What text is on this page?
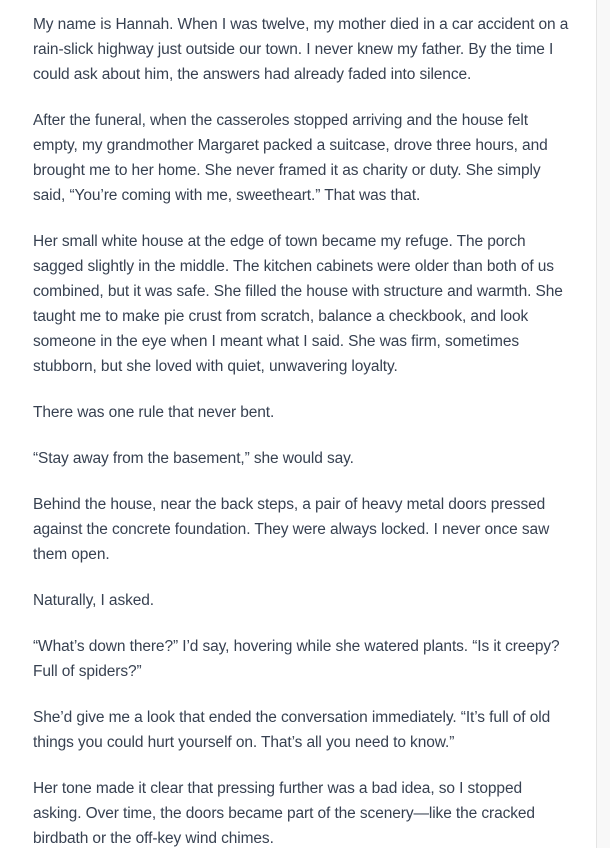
My name is Hannah. When I was twelve, my mother died in a car accident on a rain-slick highway just outside our town. I never knew my father. By the time I could ask about him, the answers had already faded into silence.

After the funeral, when the casseroles stopped arriving and the house felt empty, my grandmother Margaret packed a suitcase, drove three hours, and brought me to her home. She never framed it as charity or duty. She simply said, “You’re coming with me, sweetheart.” That was that.

Her small white house at the edge of town became my refuge. The porch sagged slightly in the middle. The kitchen cabinets were older than both of us combined, but it was safe. She filled the house with structure and warmth. She taught me to make pie crust from scratch, balance a checkbook, and look someone in the eye when I meant what I said. She was firm, sometimes stubborn, but she loved with quiet, unwavering loyalty.

There was one rule that never bent.

“Stay away from the basement,” she would say.

Behind the house, near the back steps, a pair of heavy metal doors pressed against the concrete foundation. They were always locked. I never once saw them open.

Naturally, I asked.

“What’s down there?” I’d say, hovering while she watered plants. “Is it creepy? Full of spiders?”

She’d give me a look that ended the conversation immediately. “It’s full of old things you could hurt yourself on. That’s all you need to know.”

Her tone made it clear that pressing further was a bad idea, so I stopped asking. Over time, the doors became part of the scenery—like the cracked birdbath or the off-key wind chimes.
